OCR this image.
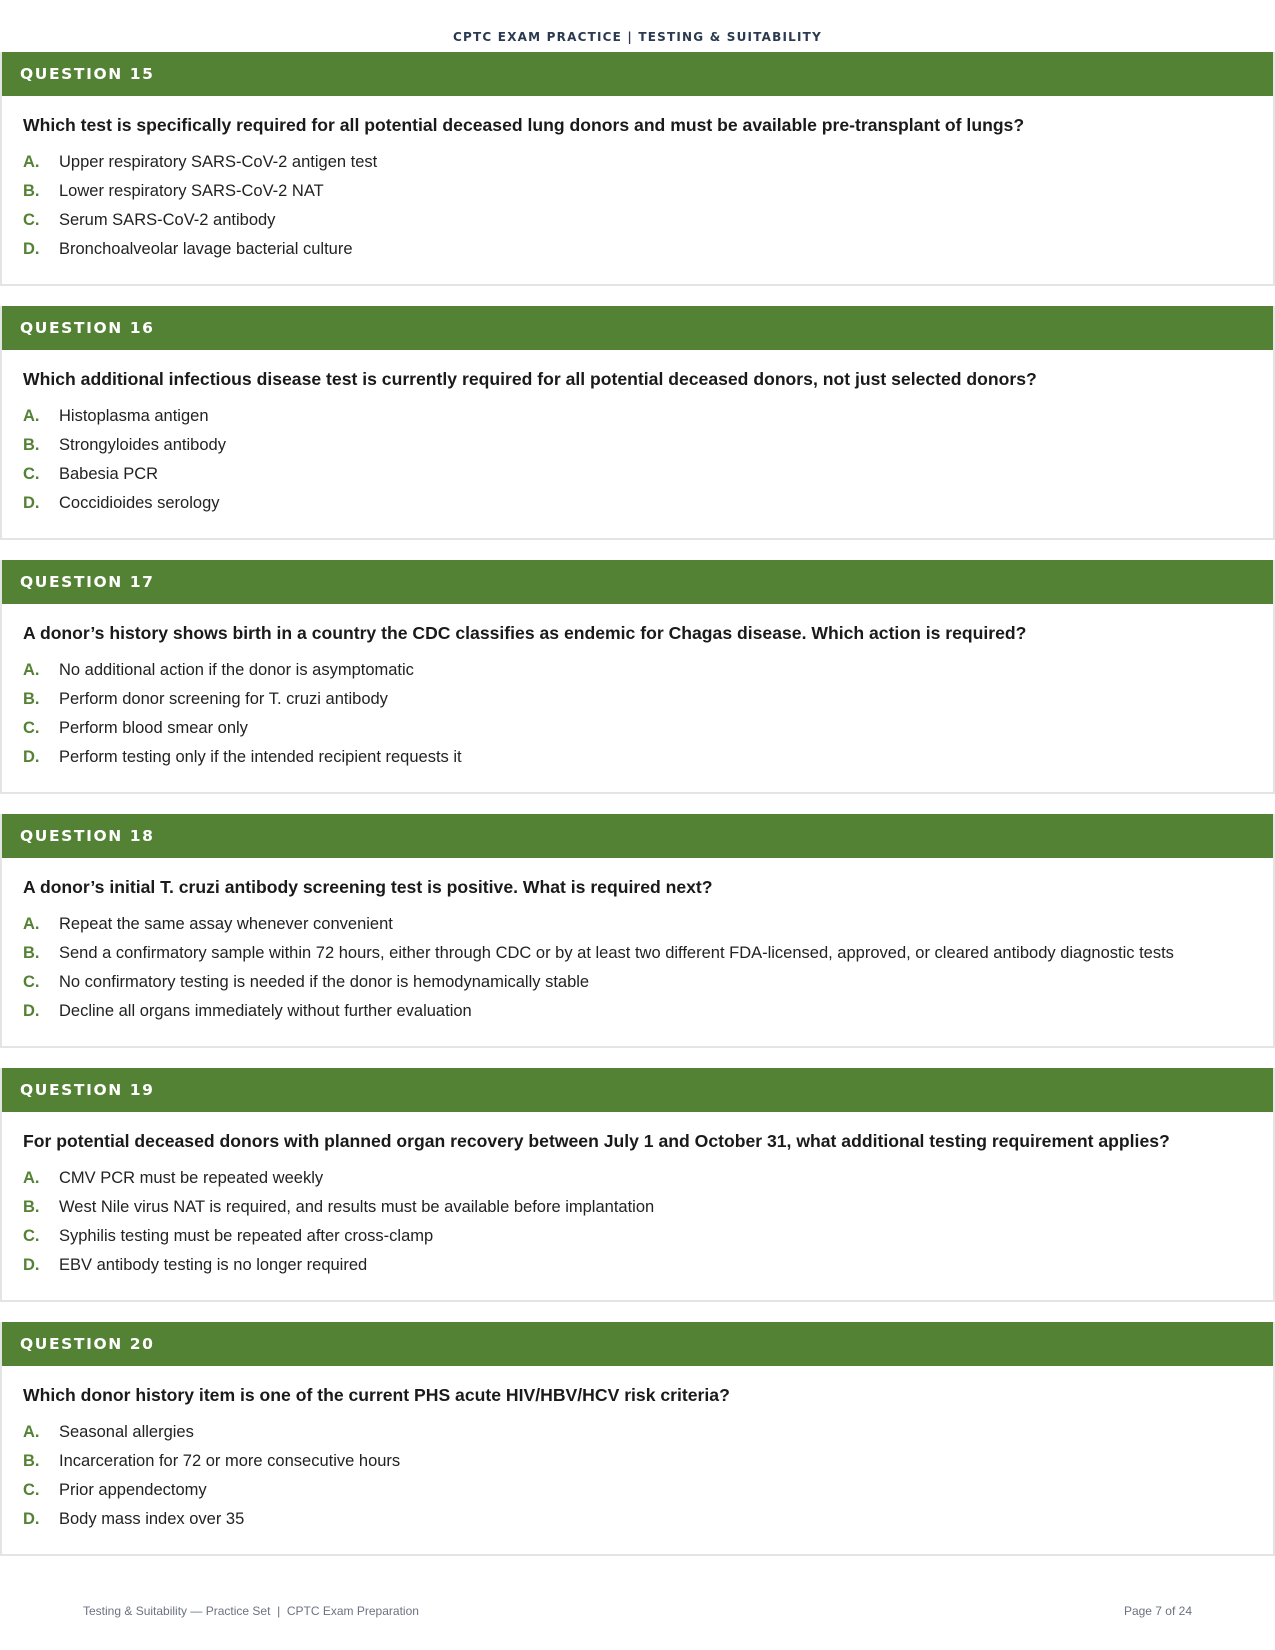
CPTC EXAM PRACTICE | TESTING & SUITABILITY
QUESTION 15

Which test is specifically required for all potential deceased lung donors and must be available pre-transplant of lungs?

A. Upper respiratory SARS-CoV-2 antigen test
B. Lower respiratory SARS-CoV-2 NAT
C. Serum SARS-CoV-2 antibody
D. Bronchoalveolar lavage bacterial culture
QUESTION 16

Which additional infectious disease test is currently required for all potential deceased donors, not just selected donors?

A. Histoplasma antigen
B. Strongyloides antibody
C. Babesia PCR
D. Coccidioides serology
QUESTION 17

A donor’s history shows birth in a country the CDC classifies as endemic for Chagas disease. Which action is required?

A. No additional action if the donor is asymptomatic
B. Perform donor screening for T. cruzi antibody
C. Perform blood smear only
D. Perform testing only if the intended recipient requests it
QUESTION 18

A donor’s initial T. cruzi antibody screening test is positive. What is required next?

A. Repeat the same assay whenever convenient
B. Send a confirmatory sample within 72 hours, either through CDC or by at least two different FDA-licensed, approved, or cleared antibody diagnostic tests
C. No confirmatory testing is needed if the donor is hemodynamically stable
D. Decline all organs immediately without further evaluation
QUESTION 19

For potential deceased donors with planned organ recovery between July 1 and October 31, what additional testing requirement applies?

A. CMV PCR must be repeated weekly
B. West Nile virus NAT is required, and results must be available before implantation
C. Syphilis testing must be repeated after cross-clamp
D. EBV antibody testing is no longer required
QUESTION 20

Which donor history item is one of the current PHS acute HIV/HBV/HCV risk criteria?

A. Seasonal allergies
B. Incarceration for 72 or more consecutive hours
C. Prior appendectomy
D. Body mass index over 35
Testing & Suitability — Practice Set  |  CPTC Exam Preparation	Page 7 of 24
